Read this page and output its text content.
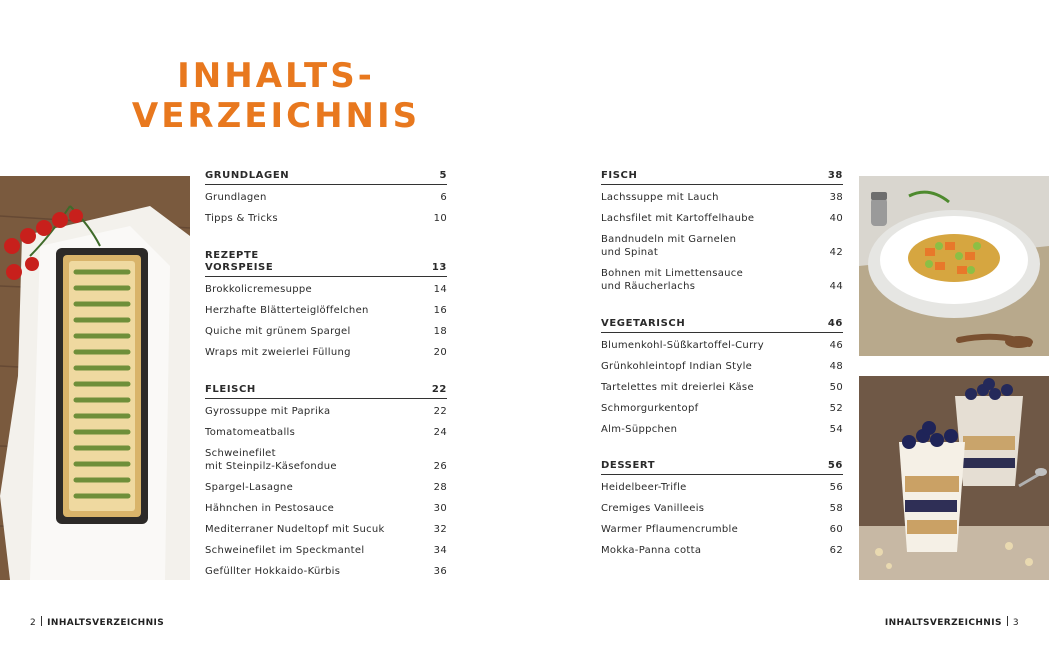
INHALTS-
VERZEICHNIS
GRUNDLAGEN	5
Grundlagen	6
Tipps & Tricks	10
REZEPTE
VORSPEISE	13
Brokkolicremesuppe	14
Herzhafte Blätterteiglöffelchen	16
Quiche mit grünem Spargel	18
Wraps mit zweierlei Füllung	20
FLEISCH	22
Gyrossuppe mit Paprika	22
Tomatomeatballs	24
Schweinefilet
mit Steinpilz-Käsefondue	26
Spargel-Lasagne	28
Hähnchen in Pestosauce	30
Mediterraner Nudeltopf mit Sucuk	32
Schweinefilet im Speckmantel	34
Gefüllter Hokkaido-Kürbis	36
FISCH	38
Lachssuppe mit Lauch	38
Lachsfilet mit Kartoffelhaube	40
Bandnudeln mit Garnelen
und Spinat	42
Bohnen mit Limettensauce
und Räucherlachs	44
VEGETARISCH	46
Blumenkohl-Süßkartoffel-Curry	46
Grünkohleintopf Indian Style	48
Tartelettes mit dreierlei Käse	50
Schmorgurkentopf	52
Alm-Süppchen	54
DESSERT	56
Heidelbeer-Trifle	56
Cremiges Vanilleeis	58
Warmer Pflaumencrumble	60
Mokka-Panna cotta	62
2 INHALTSVERZEICHNIS	INHALTSVERZEICHNIS 3
